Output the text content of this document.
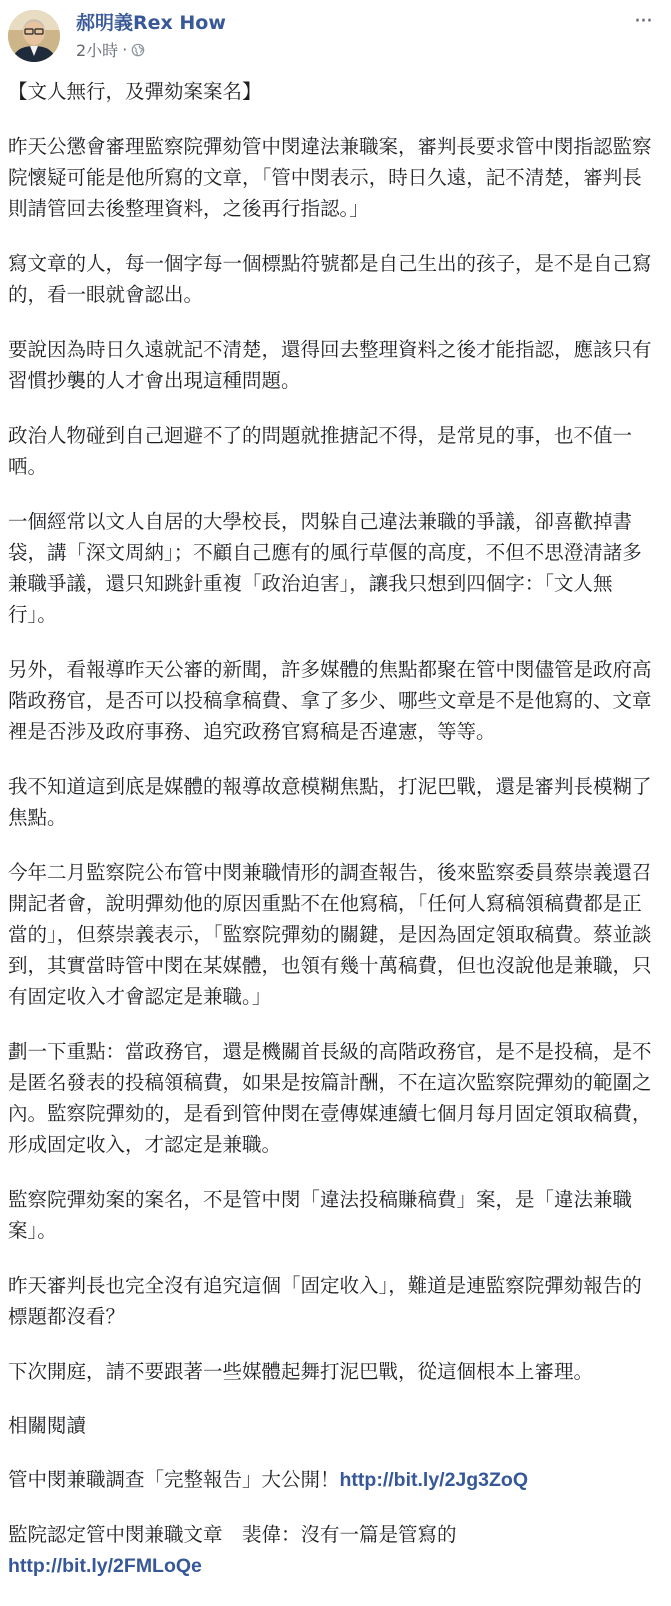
郝明義Rex How
2小時 ·
···

【文人無行，及彈劾案案名】

昨天公懲會審理監察院彈劾管中閔違法兼職案，審判長要求管中閔指認監察院懷疑可能是他所寫的文章，「管中閔表示，時日久遠，記不清楚，審判長則請管回去後整理資料，之後再行指認。」

寫文章的人，每一個字每一個標點符號都是自己生出的孩子，是不是自己寫的，看一眼就會認出。

要說因為時日久遠就記不清楚，還得回去整理資料之後才能指認，應該只有習慣抄襲的人才會出現這種問題。

政治人物碰到自己迴避不了的問題就推搪記不得，是常見的事，也不值一哂。

一個經常以文人自居的大學校長，閃躲自己違法兼職的爭議，卻喜歡掉書袋，講「深文周納」；不顧自己應有的風行草偃的高度，不但不思澄清諸多兼職爭議，還只知跳針重複「政治迫害」，讓我只想到四個字：「文人無行」。

另外，看報導昨天公審的新聞，許多媒體的焦點都聚在管中閔儘管是政府高階政務官，是否可以投稿拿稿費、拿了多少、哪些文章是不是他寫的、文章裡是否涉及政府事務、追究政務官寫稿是否違憲，等等。

我不知道這到底是媒體的報導故意模糊焦點，打泥巴戰，還是審判長模糊了焦點。

今年二月監察院公布管中閔兼職情形的調查報告，後來監察委員蔡崇義還召開記者會，說明彈劾他的原因重點不在他寫稿，「任何人寫稿領稿費都是正當的」，但蔡崇義表示，「監察院彈劾的關鍵，是因為固定領取稿費。蔡並談到，其實當時管中閔在某媒體，也領有幾十萬稿費，但也沒說他是兼職，只有固定收入才會認定是兼職。」

劃一下重點：當政務官，還是機關首長級的高階政務官，是不是投稿，是不是匿名發表的投稿領稿費，如果是按篇計酬，不在這次監察院彈劾的範圍之內。監察院彈劾的，是看到管仲閔在壹傳媒連續七個月每月固定領取稿費，形成固定收入，才認定是兼職。

監察院彈劾案的案名，不是管中閔「違法投稿賺稿費」案，是「違法兼職案」。

昨天審判長也完全沒有追究這個「固定收入」，難道是連監察院彈劾報告的標題都沒看？

下次開庭，請不要跟著一些媒體起舞打泥巴戰，從這個根本上審理。

相關閱讀

管中閔兼職調查「完整報告」大公開！http://bit.ly/2Jg3ZoQ

監院認定管中閔兼職文章　裴偉：沒有一篇是管寫的
http://bit.ly/2FMLoQe
